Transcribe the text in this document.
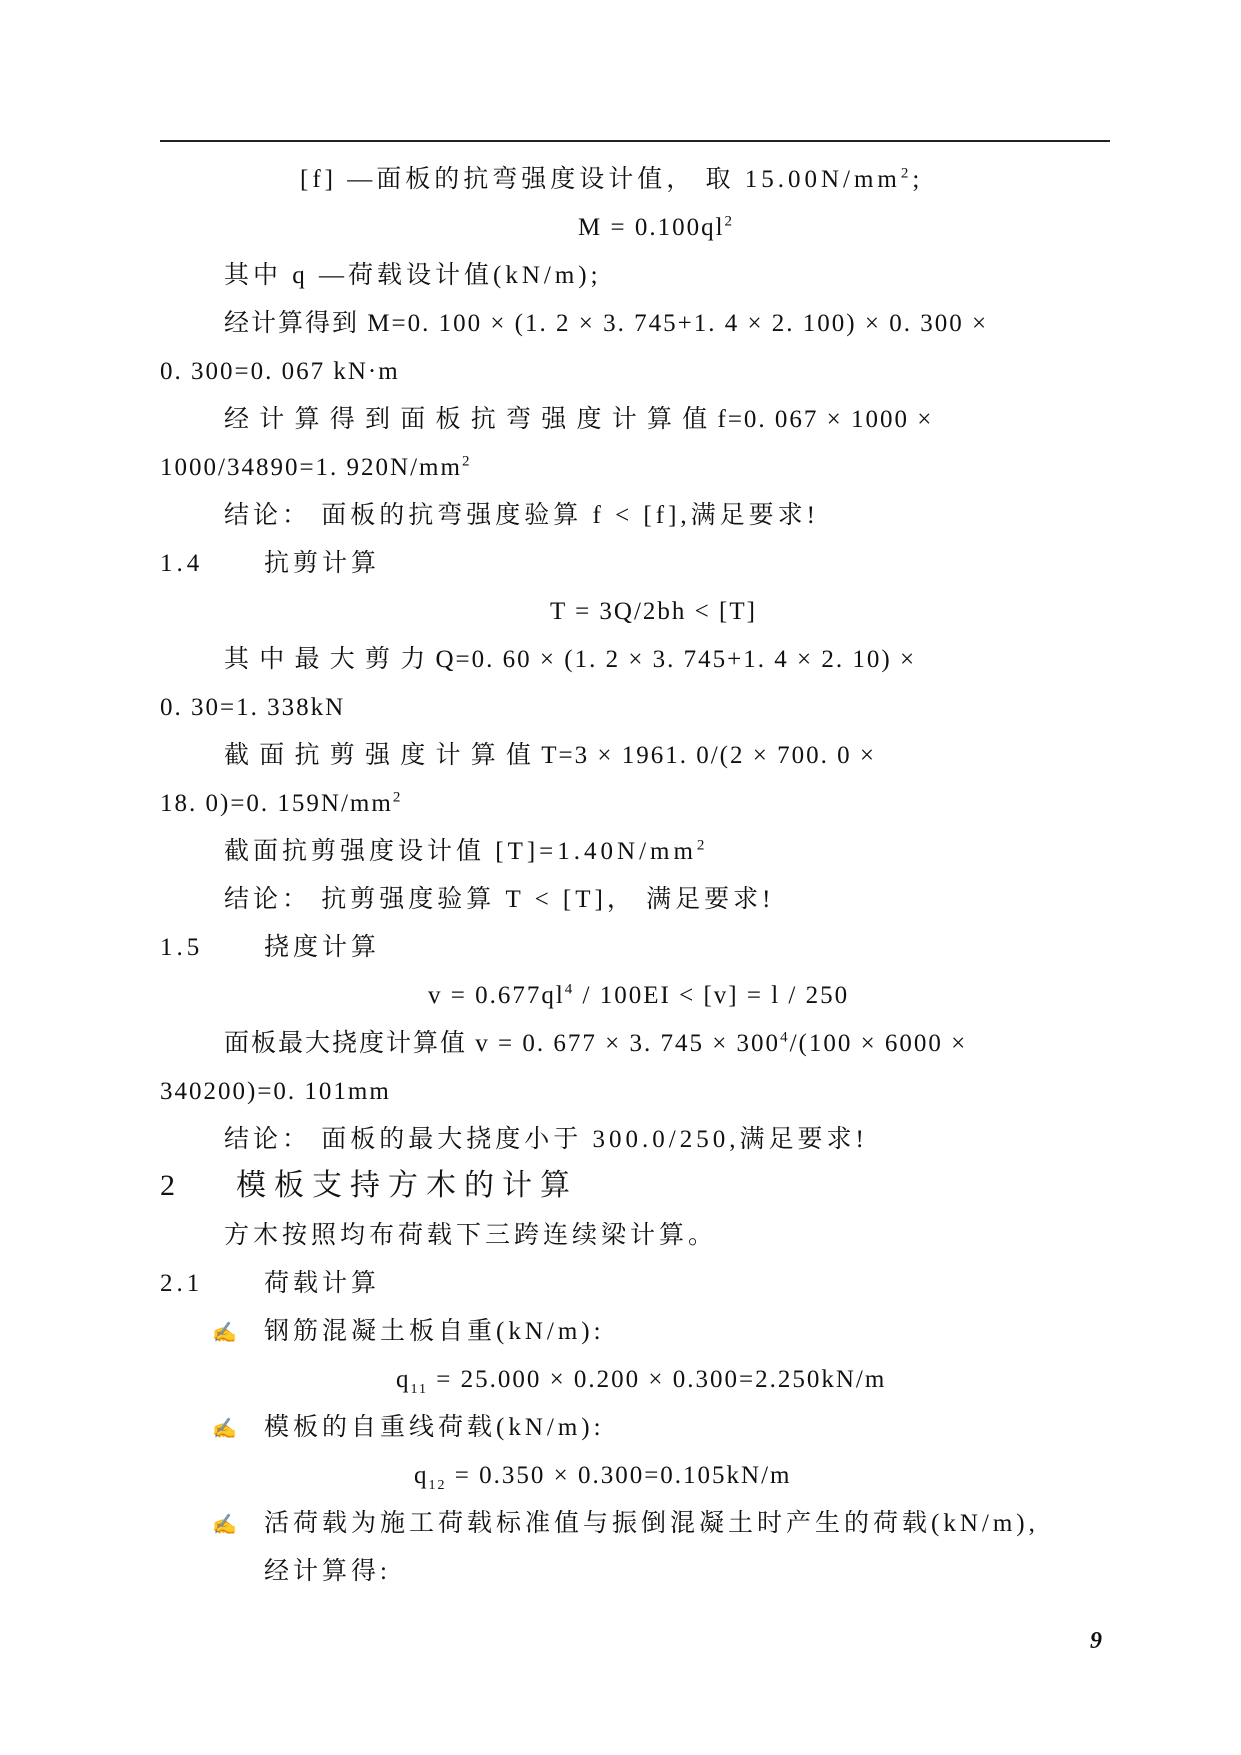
[f] —面板的抗弯强度设计值， 取 $15.00N/mm^2$;
$M = 0.100ql^2$
其中 q —荷载设计值(kN/m);
经计算得到 M=0. 100 × (1. 2 × 3. 745+1. 4 × 2. 100) × 0. 300 ×
0. 300=0. 067 kN·m
经 计 算 得 到 面 板 抗 弯 强 度 计 算 值 f=0. 067 × 1000 ×
1000/34890=1. $920N/mm^2$
结论： 面板的抗弯强度验算 f < [f],满足要求!
1.4 抗剪计算
T = 3Q/2bh < [T]
其 中 最 大 剪 力 Q=0. 60 × (1. 2 × 3. 745+1. 4 × 2. 10) ×
0. 30=1. 338kN
截 面 抗 剪 强 度 计 算 值 T=3 × 1961. 0/(2 × 700. 0 ×
18. 0)=0. $159N/mm^2$
截面抗剪强度设计值 $[T]=1.40N/mm^2$
结论： 抗剪强度验算 T < [T]， 满足要求!
1.5 挠度计算
$v = 0.677ql^4 / 100EI < [v] = l / 250$
面板最大挠度计算值 v = 0. 677 × 3. $745 \times 300^4/(100 \times 6000$ ×
340200)=0. 101mm
结论： 面板的最大挠度小于 300.0/250,满足要求!
2 模板支持方木的计算
方木按照均布荷载下三跨连续梁计算。
2.1 荷载计算
✍ 钢筋混凝土板自重(kN/m):
$q_{11} = 25.000 \times 0.200 \times 0.300=2.250kN/m$
✍ 模板的自重线荷载(kN/m):
$q_{12} = 0.350 \times 0.300=0.105kN/m$
✍ 活荷载为施工荷载标准值与振倒混凝土时产生的荷载(kN/m),
经计算得:
9
